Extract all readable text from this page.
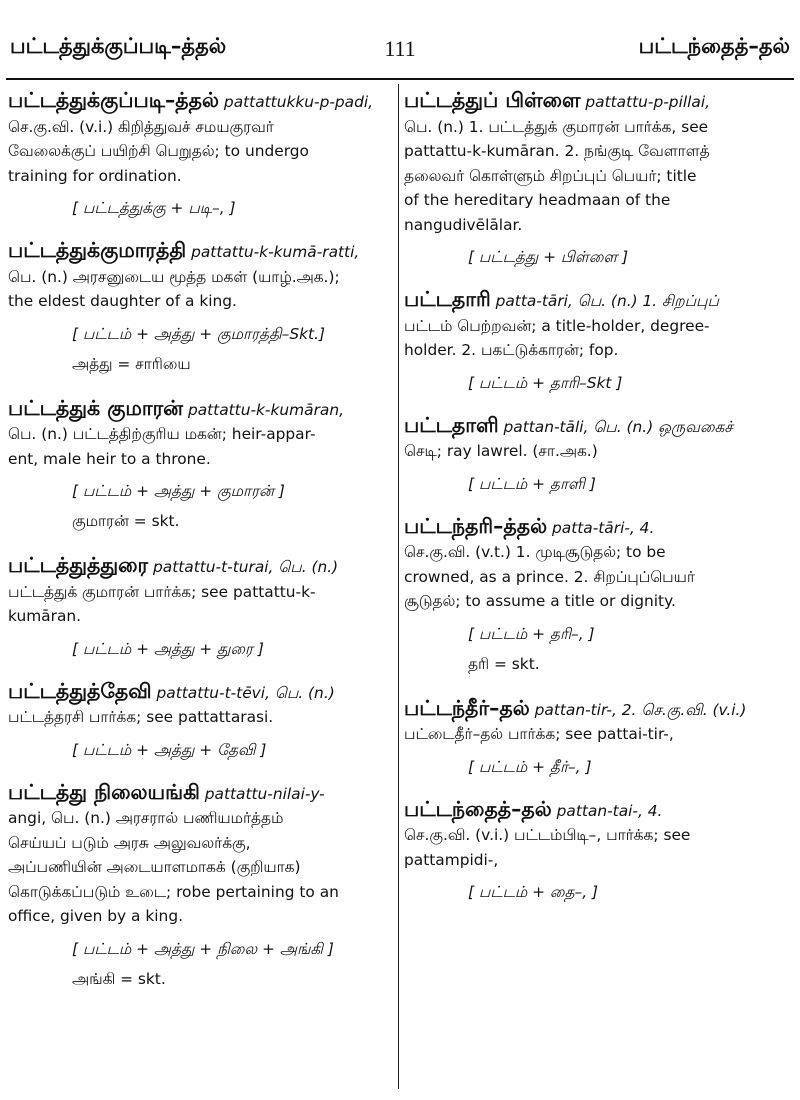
பட்டத்துக்குப்படி–த்தல்	111	பட்டந்தைத்–தல்
பட்டத்துக்குப்படி–த்தல் pattattukku-p-padi,
செ.கு.வி. (v.i.) கிறித்துவச் சமயகுரவர்
வேலைக்குப் பயிற்சி பெறுதல்; to undergo
training for ordination.
[ பட்டத்துக்கு + படி–, ]
பட்டத்துக்குமாரத்தி pattattu-k-kumā-ratti,
பெ. (n.) அரசனுடைய மூத்த மகள் (யாழ்.அக.);
the eldest daughter of a king.
[ பட்டம் + அத்து + குமாரத்தி–Skt.]
அத்து = சாரியை
பட்டத்துக் குமாரன் pattattu-k-kumāran,
பெ. (n.) பட்டத்திற்குரிய மகன்; heir-appar-
ent, male heir to a throne.
[ பட்டம் + அத்து + குமாரன் ]
குமாரன் = skt.
பட்டத்துத்துரை pattattu-t-turai, பெ. (n.)
பட்டத்துக் குமாரன் பார்க்க; see pattattu-k-
kumāran.
[ பட்டம் + அத்து + துரை ]
பட்டத்துத்தேவி pattattu-t-tēvi, பெ. (n.)
பட்டத்தரசி பார்க்க; see pattattarasi.
[ பட்டம் + அத்து + தேவி ]
பட்டத்து நிலையங்கி pattattu-nilai-y-
angi, பெ. (n.) அரசரால் பணியமர்த்தம்
செய்யப் படும் அரசு அலுவலர்க்கு,
அப்பணியின் அடையாளமாகக் (குறியாக)
கொடுக்கப்படும் உடை; robe pertaining to an
office, given by a king.
[ பட்டம் + அத்து + நிலை + அங்கி ]
அங்கி = skt.
பட்டத்துப் பிள்ளை pattattu-p-pillai,
பெ. (n.) 1. பட்டத்துக் குமாரன் பார்க்க, see
pattattu-k-kumāran. 2. நங்குடி வேளாளத்
தலைவர் கொள்ளும் சிறப்புப் பெயர்; title
of the hereditary headmaan of the
nangudivēlālar.
[ பட்டத்து + பிள்ளை ]
பட்டதாரி patta-tāri, பெ. (n.) 1. சிறப்புப்
பட்டம் பெற்றவன்; a title-holder, degree-
holder. 2. பகட்டுக்காரன்; fop.
[ பட்டம் + தாரி–Skt ]
பட்டதாளி pattan-tāli, பெ. (n.) ஒருவகைச்
செடி; ray lawrel. (சா.அக.)
[ பட்டம் + தாளி ]
பட்டந்தரி–த்தல் patta-tāri-, 4.
செ.கு.வி. (v.t.) 1. முடிசூடுதல்; to be
crowned, as a prince. 2. சிறப்புப்பெயர்
சூடுதல்; to assume a title or dignity.
[ பட்டம் + தரி–, ]
தரி = skt.
பட்டந்தீர்–தல் pattan-tir-, 2. செ.கு.வி. (v.i.)
பட்டைதீர்–தல் பார்க்க; see pattai-tir-,
[ பட்டம் + தீர்–, ]
பட்டந்தைத்–தல் pattan-tai-, 4.
செ.கு.வி. (v.i.) பட்டம்பிடி–, பார்க்க; see
pattampidi-,
[ பட்டம் + தை–, ]
